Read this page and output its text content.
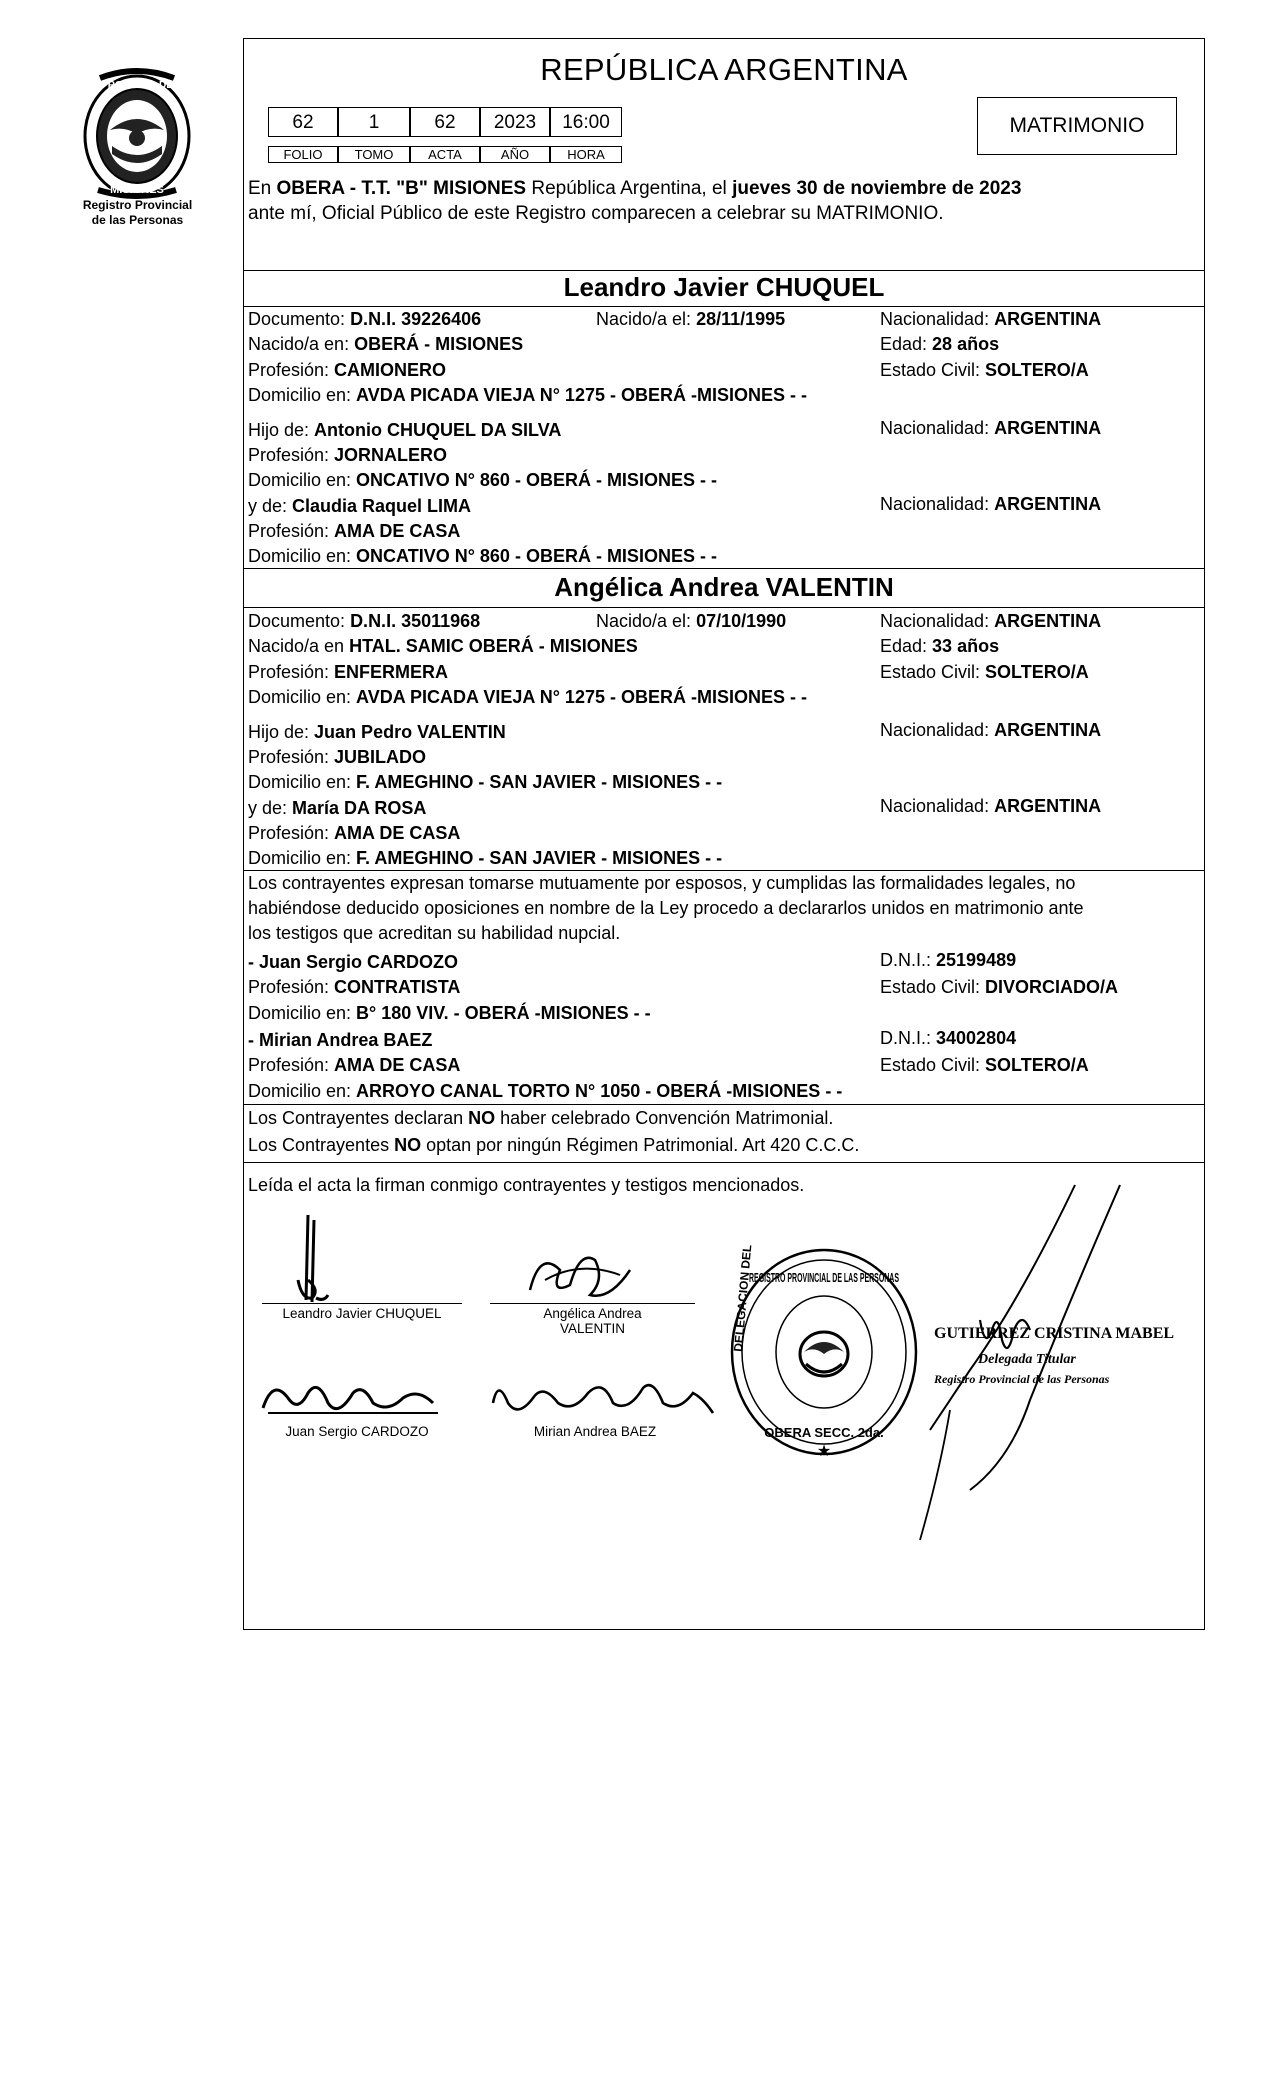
PROVINCIA DE
MISIONES
Registro Provincial
de las Personas
REPÚBLICA ARGENTINA
62	1	62	2023	16:00
FOLIO	TOMO	ACTA	AÑO	HORA
MATRIMONIO
En OBERA - T.T. "B" MISIONES República Argentina, el jueves 30 de noviembre de 2023
ante mí, Oficial Público de este Registro comparecen a celebrar su MATRIMONIO.
Leandro Javier CHUQUEL
Documento: D.N.I. 39226406	Nacido/a el: 28/11/1995	Nacionalidad: ARGENTINA
Nacido/a en: OBERÁ - MISIONES	Edad: 28 años
Profesión: CAMIONERO	Estado Civil: SOLTERO/A
Domicilio en: AVDA PICADA VIEJA N° 1275 - OBERÁ -MISIONES - -
Hijo de: Antonio CHUQUEL DA SILVA	Nacionalidad: ARGENTINA
Profesión: JORNALERO
Domicilio en: ONCATIVO N° 860 - OBERÁ - MISIONES - -
y de: Claudia Raquel LIMA	Nacionalidad: ARGENTINA
Profesión: AMA DE CASA
Domicilio en: ONCATIVO N° 860 - OBERÁ - MISIONES - -
Angélica Andrea VALENTIN
Documento: D.N.I. 35011968	Nacido/a el: 07/10/1990	Nacionalidad: ARGENTINA
Nacido/a en HTAL. SAMIC OBERÁ - MISIONES	Edad: 33 años
Profesión: ENFERMERA	Estado Civil: SOLTERO/A
Domicilio en: AVDA PICADA VIEJA N° 1275 - OBERÁ -MISIONES - -
Hijo de: Juan Pedro VALENTIN	Nacionalidad: ARGENTINA
Profesión: JUBILADO
Domicilio en: F. AMEGHINO - SAN JAVIER - MISIONES - -
y de: María DA ROSA	Nacionalidad: ARGENTINA
Profesión: AMA DE CASA
Domicilio en: F. AMEGHINO - SAN JAVIER - MISIONES - -
Los contrayentes expresan tomarse mutuamente por esposos, y cumplidas las formalidades legales, no
habiéndose deducido oposiciones en nombre de la Ley procedo a declararlos unidos en matrimonio ante
los testigos que acreditan su habilidad nupcial.
- Juan Sergio CARDOZO	D.N.I.: 25199489
Profesión: CONTRATISTA	Estado Civil: DIVORCIADO/A
Domicilio en: B° 180 VIV. - OBERÁ -MISIONES - -
- Mirian Andrea BAEZ	D.N.I.: 34002804
Profesión: AMA DE CASA	Estado Civil: SOLTERO/A
Domicilio en: ARROYO CANAL TORTO N° 1050 - OBERÁ -MISIONES - -
Los Contrayentes declaran NO haber celebrado Convención Matrimonial.
Los Contrayentes NO optan por ningún Régimen Patrimonial. Art 420 C.C.C.
Leída el acta la firman conmigo contrayentes y testigos mencionados.
Leandro Javier CHUQUEL	Angélica Andrea
VALENTIN
Juan Sergio CARDOZO	Mirian Andrea BAEZ
REGISTRO PROVINCIAL DE LAS PERSONAS
DELEGACION DEL
OBERA SECC. 2da.
★
GUTIERREZ CRISTINA MABEL
Delegada Titular
Registro Provincial de las Personas
